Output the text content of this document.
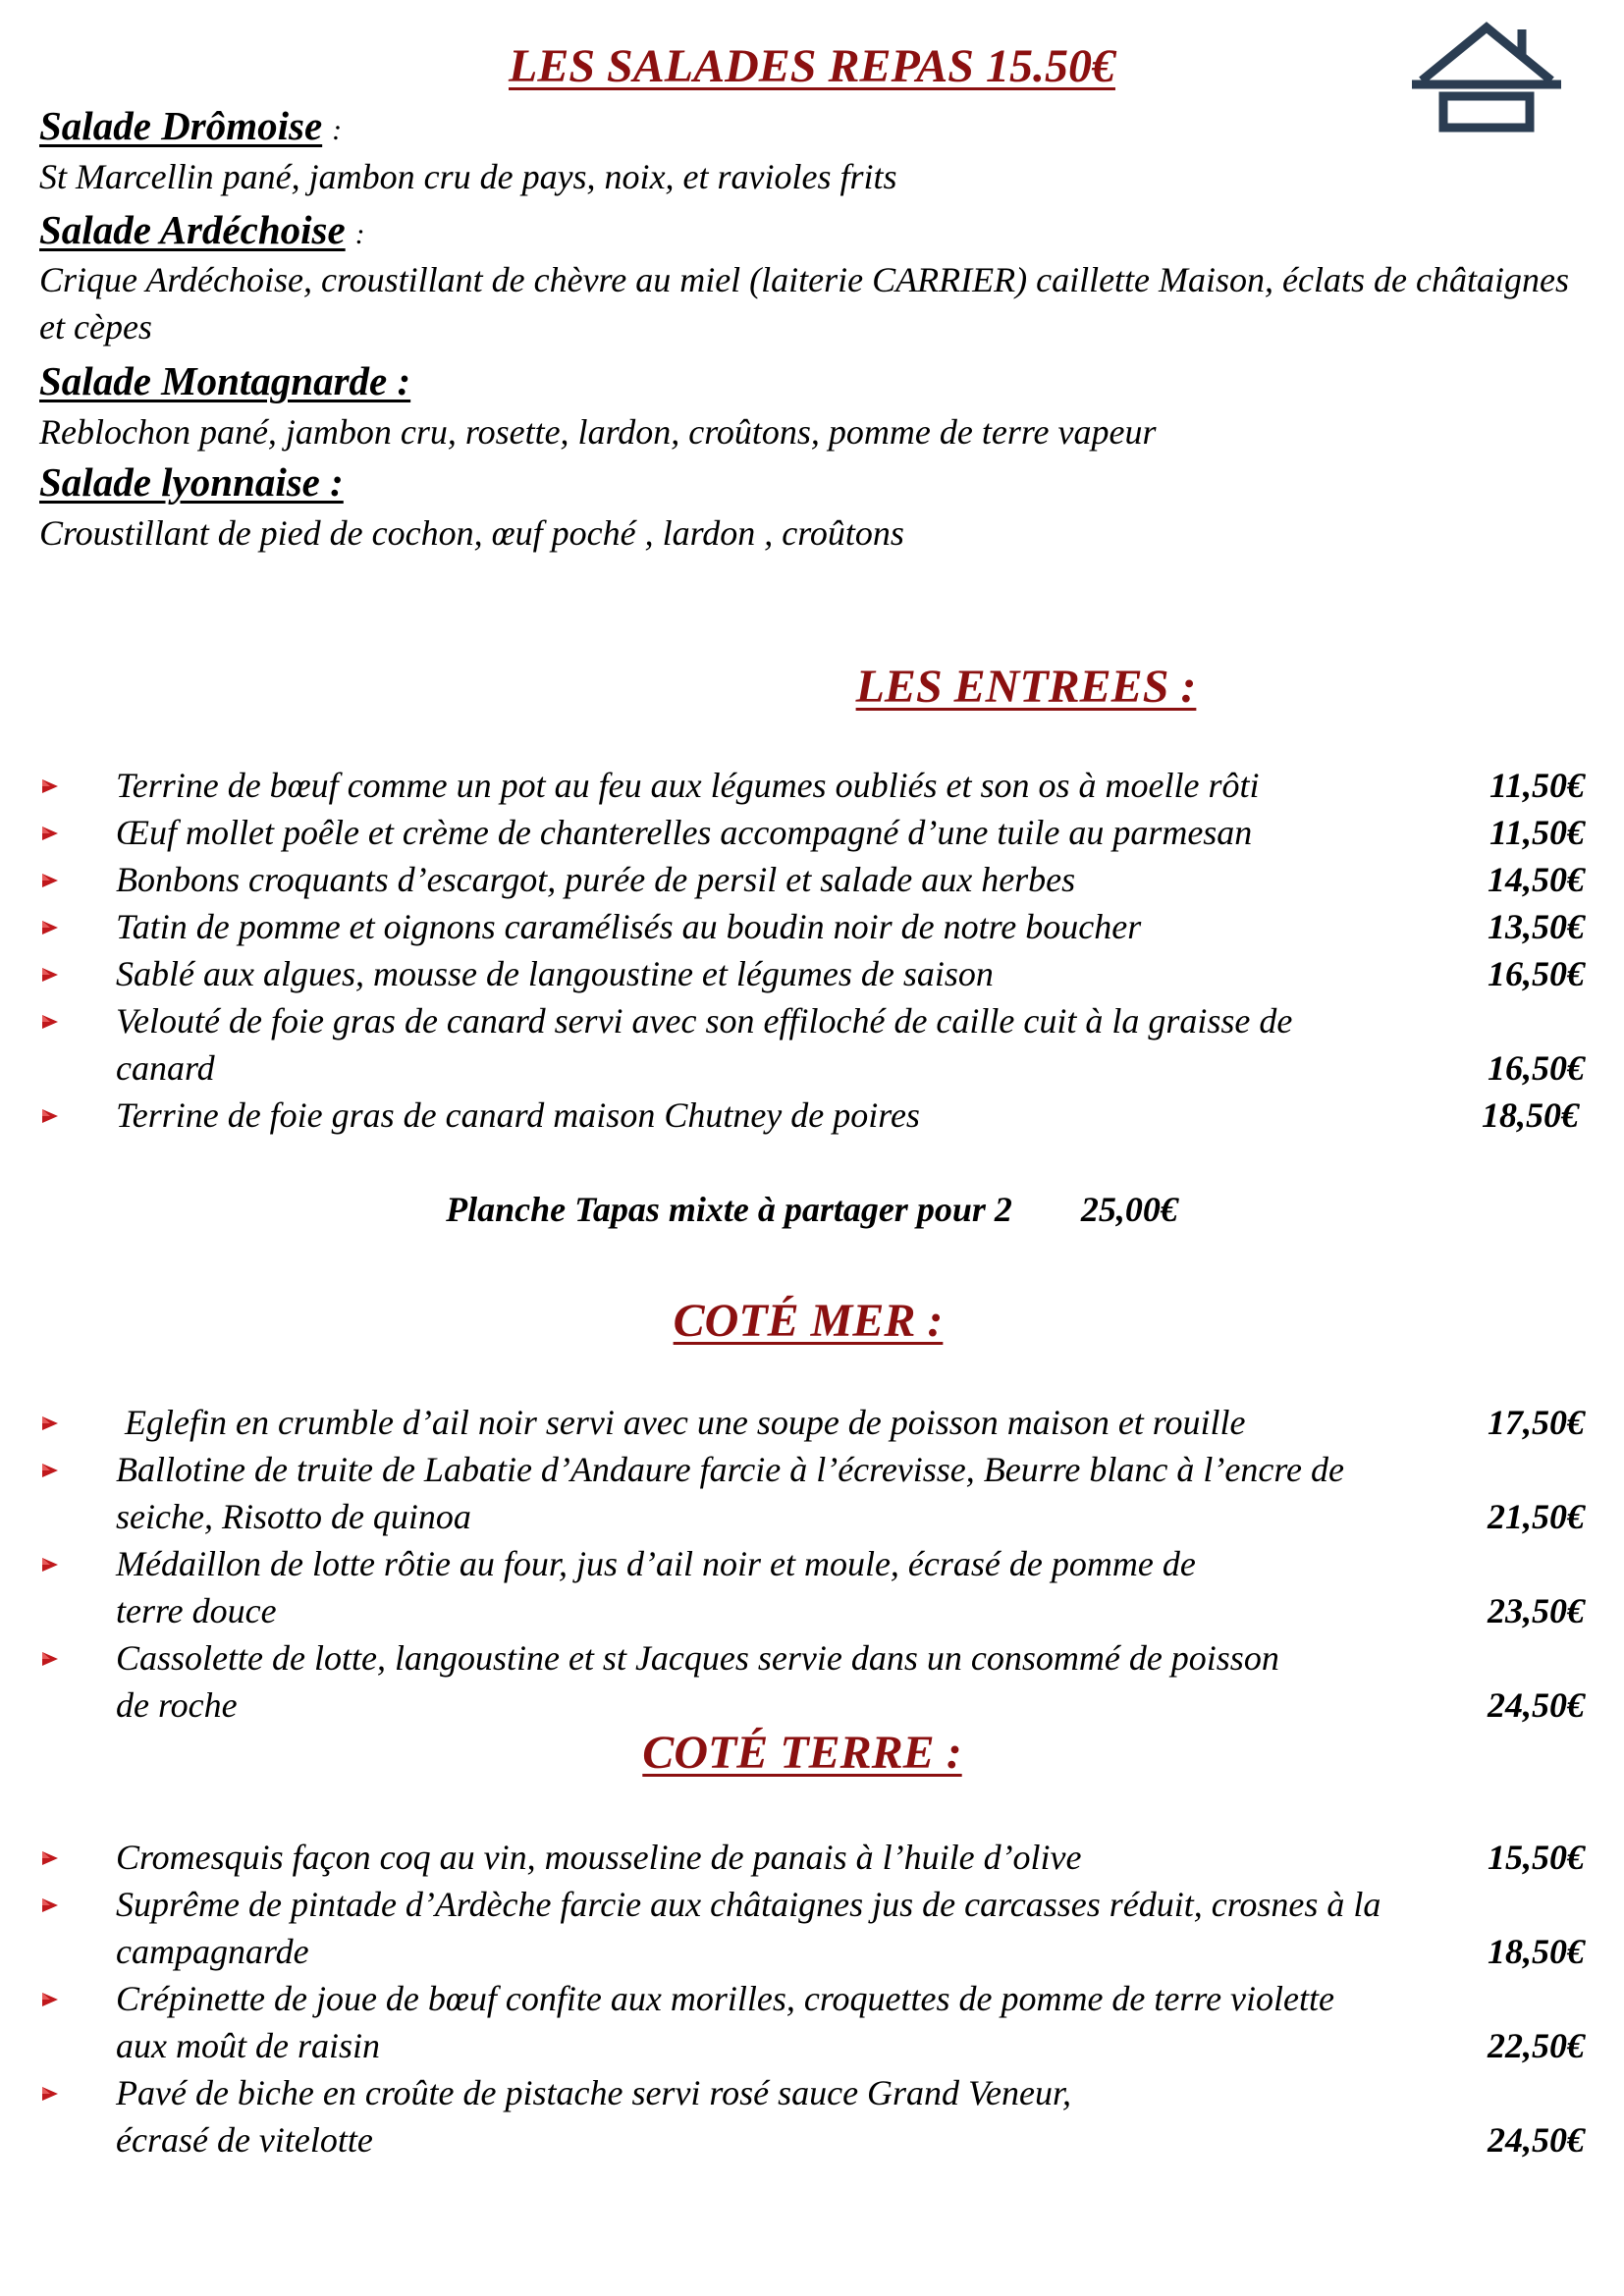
LES SALADES REPAS 15.50€
Salade Drômoise :
St Marcellin pané, jambon cru de pays, noix, et ravioles frits
Salade Ardéchoise :
Crique Ardéchoise, croustillant de chèvre au miel (laiterie CARRIER) caillette Maison, éclats de châtaignes et cèpes
Salade Montagnarde :
Reblochon pané, jambon cru, rosette, lardon, croûtons, pomme de terre vapeur
Salade lyonnaise :
Croustillant de pied de cochon, œuf poché , lardon , croûtons
LES ENTREES :
Terrine de bœuf comme un pot au feu aux légumes oubliés et son os à moelle rôti
Œuf mollet poêle et crème de chanterelles accompagné d’une tuile au parmesan
Bonbons croquants d’escargot, purée de persil et salade aux herbes
Tatin de pomme et oignons caramélisés au boudin noir de notre boucher
Sablé aux algues, mousse de langoustine et légumes de saison
Velouté de foie gras de canard servi avec son effiloché de caille cuit à la graisse de
canard
Terrine de foie gras de canard maison Chutney de poires
11,50€
11,50€
14,50€
13,50€
16,50€
16,50€
18,50€
Planche Tapas mixte à partager pour 2 25,00€
COTÉ MER :
Eglefin en crumble d’ail noir servi avec une soupe de poisson maison et rouille
Ballotine de truite de Labatie d’Andaure farcie à l’écrevisse, Beurre blanc à l’encre de
seiche, Risotto de quinoa
Médaillon de lotte rôtie au four, jus d’ail noir et moule, écrasé de pomme de
terre douce
Cassolette de lotte, langoustine et st Jacques servie dans un consommé de poisson
de roche
17,50€
21,50€
23,50€
24,50€
COTÉ TERRE :
Cromesquis façon coq au vin, mousseline de panais à l’huile d’olive
Suprême de pintade d’Ardèche farcie aux châtaignes jus de carcasses réduit, crosnes à la
campagnarde
Crépinette de joue de bœuf confite aux morilles, croquettes de pomme de terre violette
aux moût de raisin
Pavé de biche en croûte de pistache servi rosé sauce Grand Veneur,
écrasé de vitelotte
15,50€
18,50€
22,50€
24,50€
